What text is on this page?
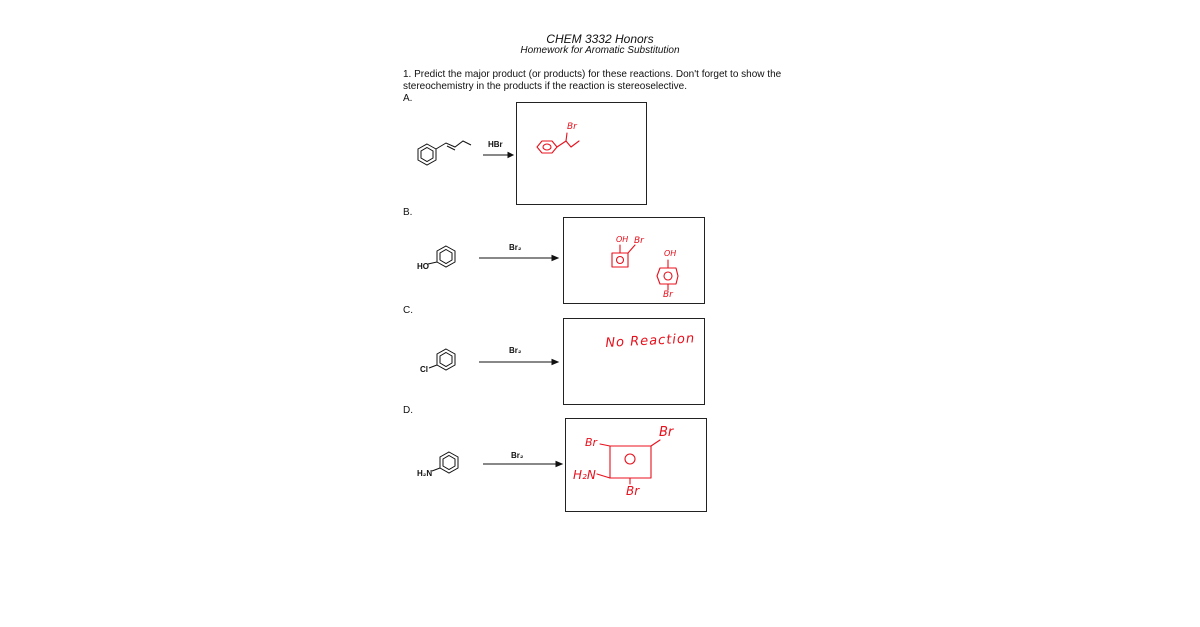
CHEM 3332 Honors
Homework for Aromatic Substitution
1. Predict the major product (or products) for these reactions. Don't forget to show the
stereochemistry in the products if the reaction is stereoselective.
A.
B.
C.
D.
HBr
Br₂
Br₂
Br₂
HO
Cl
H₂N
Br
OH Br
OH
Br
No Reaction
Br
Br
H₂N
Br
